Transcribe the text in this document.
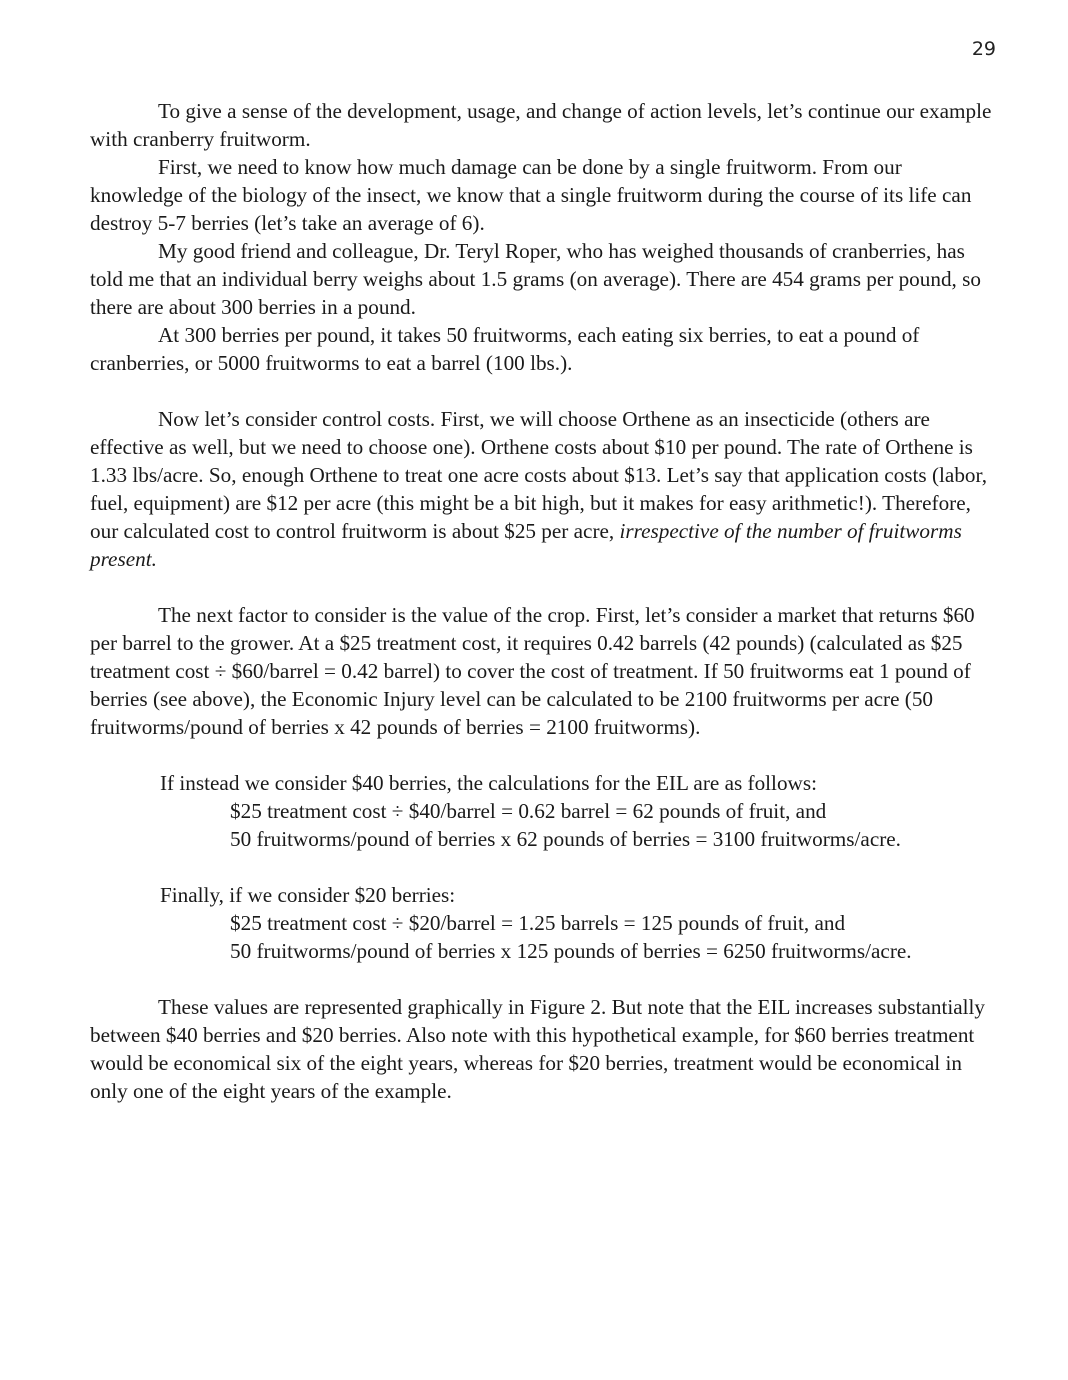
29

To give a sense of the development, usage, and change of action levels, let’s continue our example with cranberry fruitworm.

First, we need to know how much damage can be done by a single fruitworm. From our knowledge of the biology of the insect, we know that a single fruitworm during the course of its life can destroy 5-7 berries (let’s take an average of 6).

My good friend and colleague, Dr. Teryl Roper, who has weighed thousands of cranberries, has told me that an individual berry weighs about 1.5 grams (on average). There are 454 grams per pound, so there are about 300 berries in a pound.

At 300 berries per pound, it takes 50 fruitworms, each eating six berries, to eat a pound of cranberries, or 5000 fruitworms to eat a barrel (100 lbs.).

Now let’s consider control costs. First, we will choose Orthene as an insecticide (others are effective as well, but we need to choose one). Orthene costs about $10 per pound. The rate of Orthene is 1.33 lbs/acre. So, enough Orthene to treat one acre costs about $13. Let’s say that application costs (labor, fuel, equipment) are $12 per acre (this might be a bit high, but it makes for easy arithmetic!). Therefore, our calculated cost to control fruitworm is about $25 per acre, irrespective of the number of fruitworms present.

The next factor to consider is the value of the crop. First, let’s consider a market that returns $60 per barrel to the grower. At a $25 treatment cost, it requires 0.42 barrels (42 pounds) (calculated as $25 treatment cost ÷ $60/barrel = 0.42 barrel) to cover the cost of treatment. If 50 fruitworms eat 1 pound of berries (see above), the Economic Injury level can be calculated to be 2100 fruitworms per acre (50 fruitworms/pound of berries x 42 pounds of berries = 2100 fruitworms).

If instead we consider $40 berries, the calculations for the EIL are as follows:

$25 treatment cost ÷ $40/barrel = 0.62 barrel = 62 pounds of fruit, and

50 fruitworms/pound of berries x 62 pounds of berries = 3100 fruitworms/acre.

Finally, if we consider $20 berries:

$25 treatment cost ÷ $20/barrel = 1.25 barrels = 125 pounds of fruit, and

50 fruitworms/pound of berries x 125 pounds of berries = 6250 fruitworms/acre.

These values are represented graphically in Figure 2. But note that the EIL increases substantially between $40 berries and $20 berries. Also note with this hypothetical example, for $60 berries treatment would be economical six of the eight years, whereas for $20 berries, treatment would be economical in only one of the eight years of the example.
